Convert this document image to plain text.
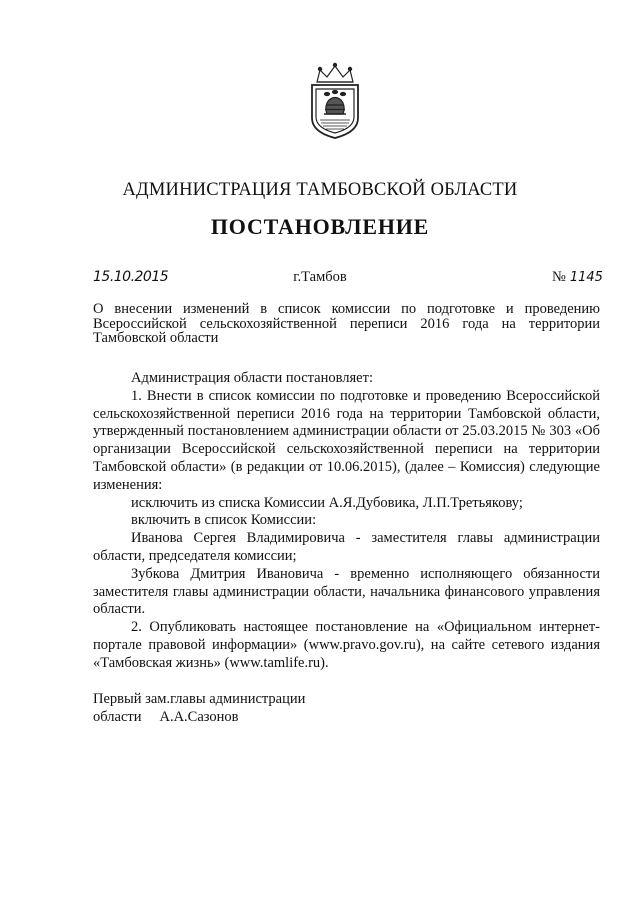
АДМИНИСТРАЦИЯ ТАМБОВСКОЙ ОБЛАСТИ
ПОСТАНОВЛЕНИЕ
15.10.2015	г.Тамбов	№ 1145
О внесении изменений в список комиссии по подготовке и проведению Всероссийской сельскохозяйственной переписи 2016 года на территории Тамбовской области

Администрация области постановляет:

1. Внести в список комиссии по подготовке и проведению Всероссийской сельскохозяйственной переписи 2016 года на территории Тамбовской области, утвержденный постановлением администрации области от 25.03.2015 № 303 «Об организации Всероссийской сельскохозяйственной переписи на территории Тамбовской области» (в редакции от 10.06.2015), (далее – Комиссия) следующие изменения:

исключить из списка Комиссии А.Я.Дубовика, Л.П.Третьякову;

включить в список Комиссии:

Иванова Сергея Владимировича - заместителя главы администрации области, председателя комиссии;

Зубкова Дмитрия Ивановича - временно исполняющего обязанности заместителя главы администрации области, начальника финансового управления области.

2. Опубликовать настоящее постановление на «Официальном интернет-портале правовой информации» (www.pravo.gov.ru), на сайте сетевого издания «Тамбовская жизнь» (www.tamlife.ru).

Первый зам.главы администрации
области А.А.Сазонов
